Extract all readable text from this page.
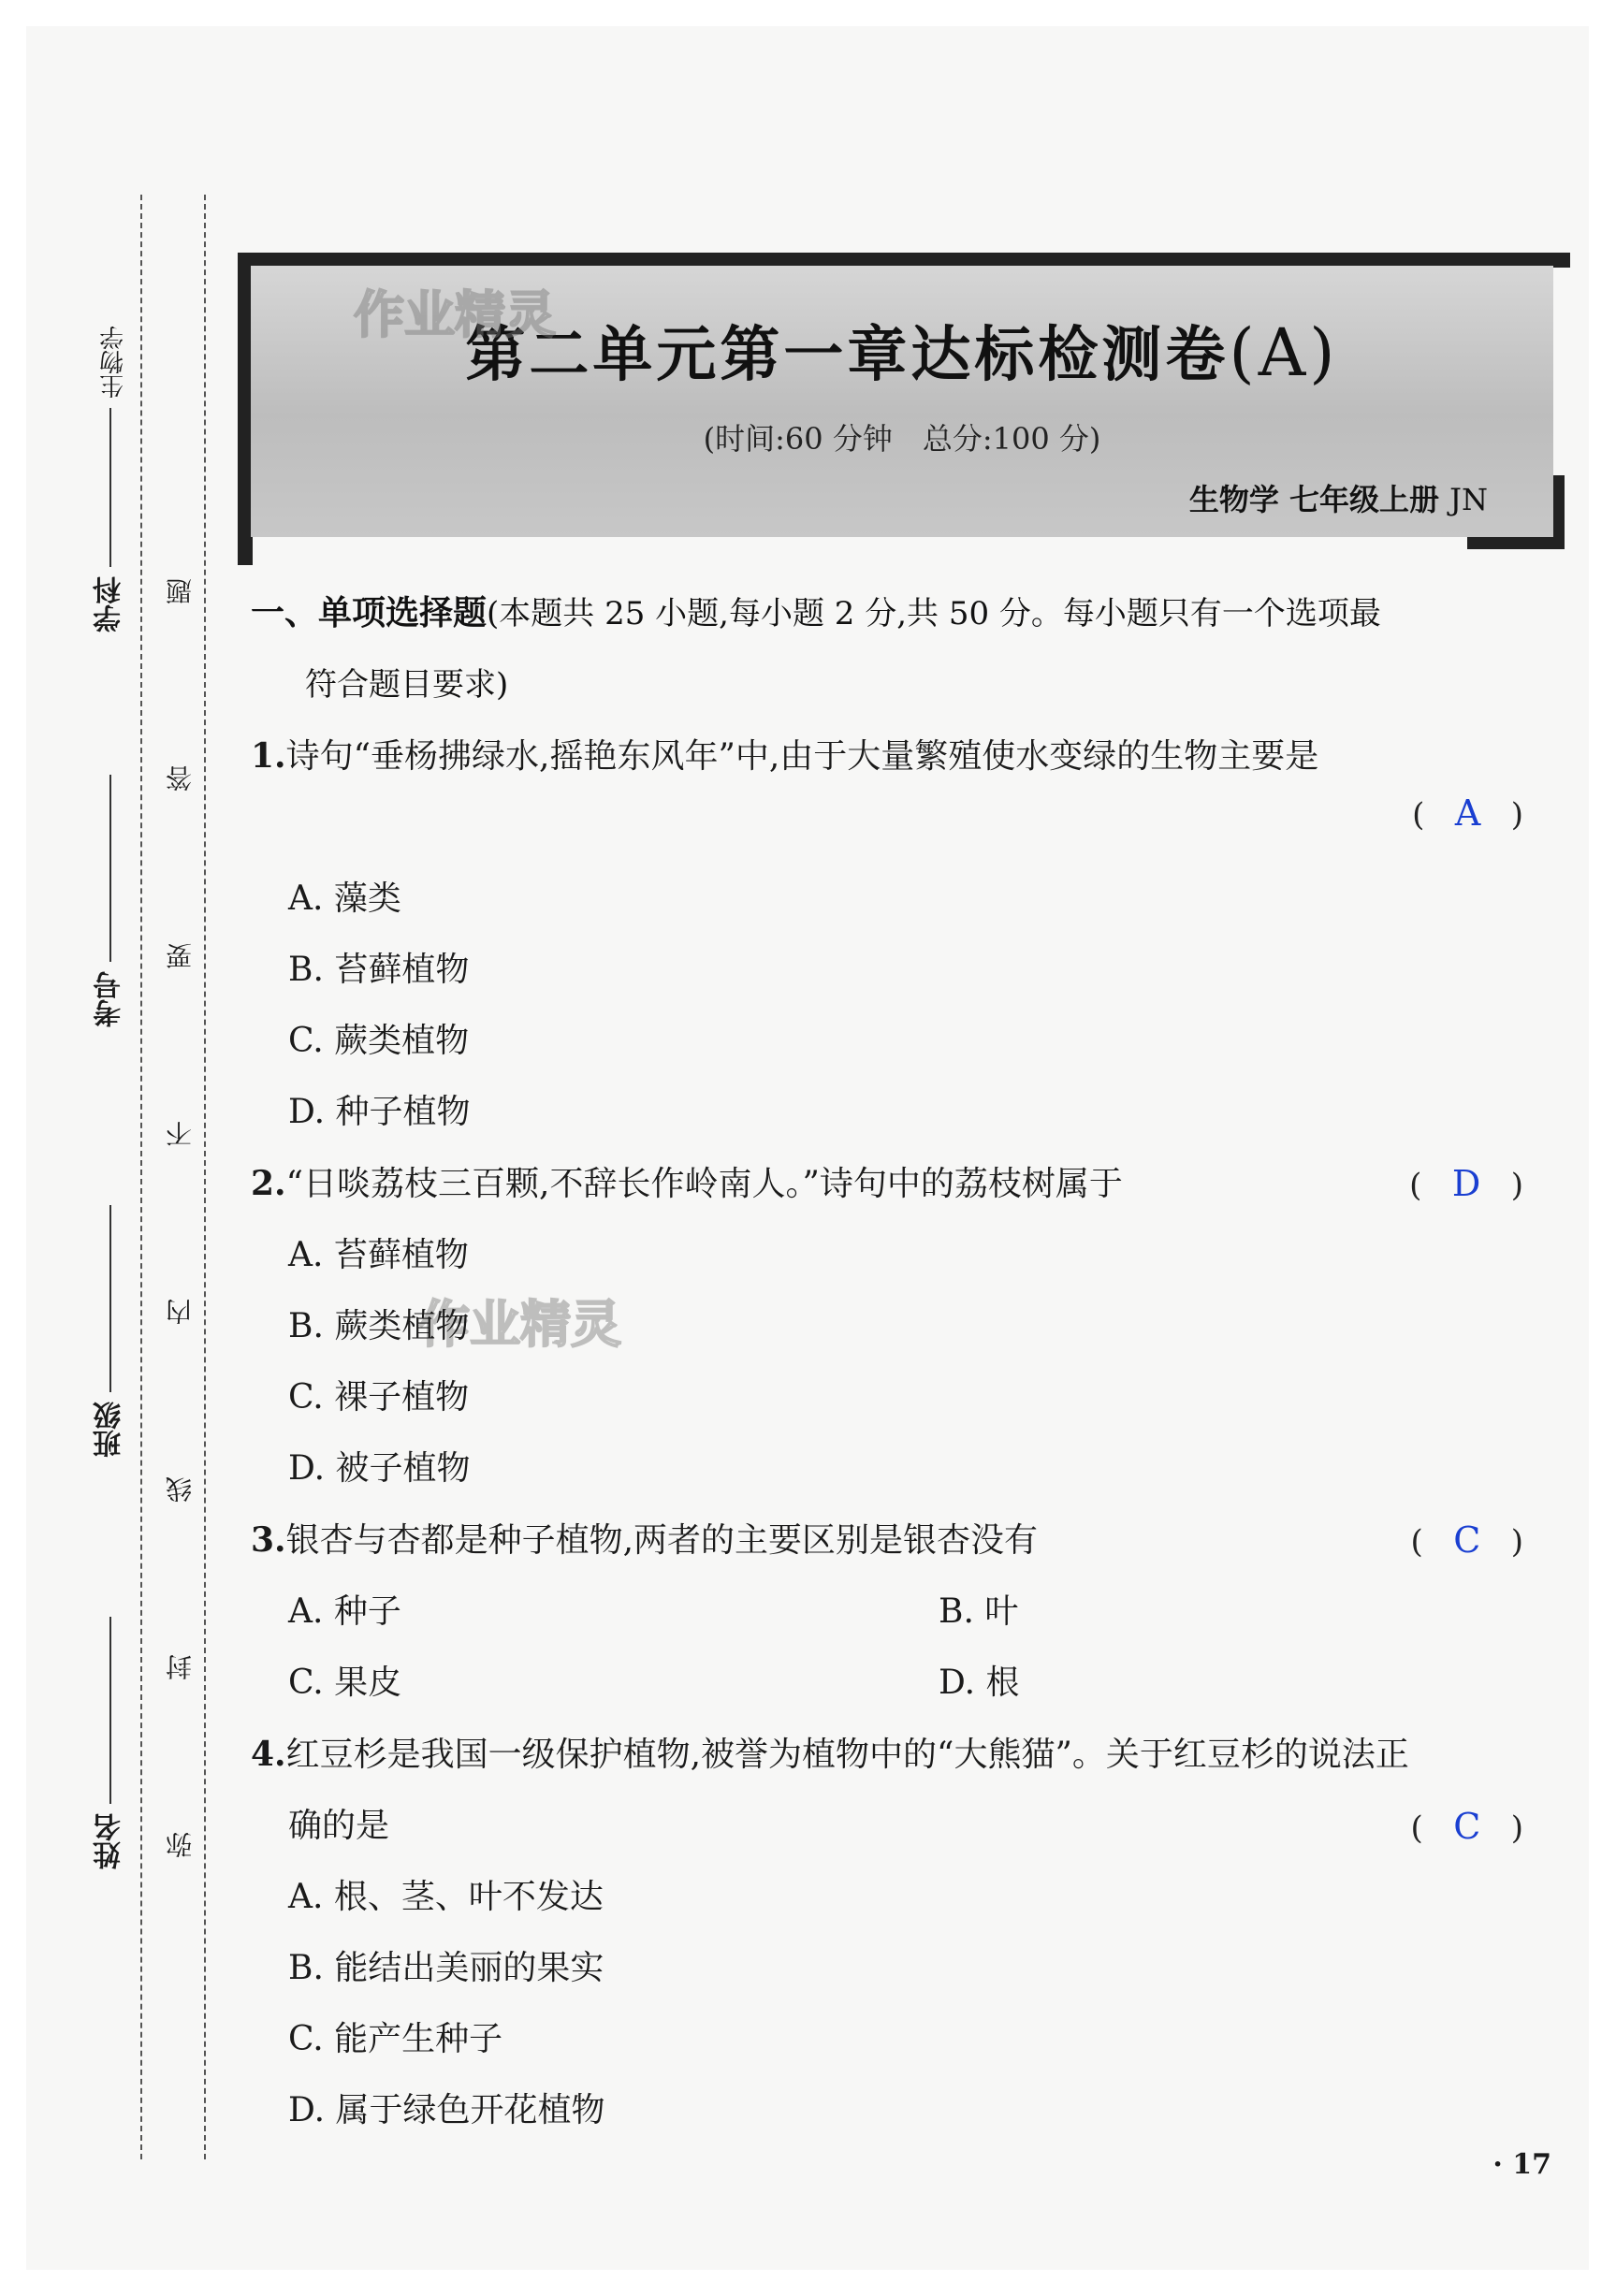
学科
生物学
考号
班级
姓名
题
答
要
不
内
线
封
弥
第二单元第一章达标检测卷(A)
作业精灵
(时间:60 分钟　总分:100 分)
生物学 七年级上册 JN
作业精灵
一、单项选择题(本题共 25 小题,每小题 2 分,共 50 分。每小题只有一个选项最
符合题目要求)
1.诗句“垂杨拂绿水,摇艳东风年”中,由于大量繁殖使水变绿的生物主要是
( A )
A. 藻类
B. 苔藓植物
C. 蕨类植物
D. 种子植物
2.“日啖荔枝三百颗,不辞长作岭南人。”诗句中的荔枝树属于	( D )
A. 苔藓植物
B. 蕨类植物
C. 裸子植物
D. 被子植物
3.银杏与杏都是种子植物,两者的主要区别是银杏没有	( C )
A. 种子	B. 叶
C. 果皮	D. 根
4.红豆杉是我国一级保护植物,被誉为植物中的“大熊猫”。关于红豆杉的说法正
确的是	( C )
A. 根、茎、叶不发达
B. 能结出美丽的果实
C. 能产生种子
D. 属于绿色开花植物
· 17
